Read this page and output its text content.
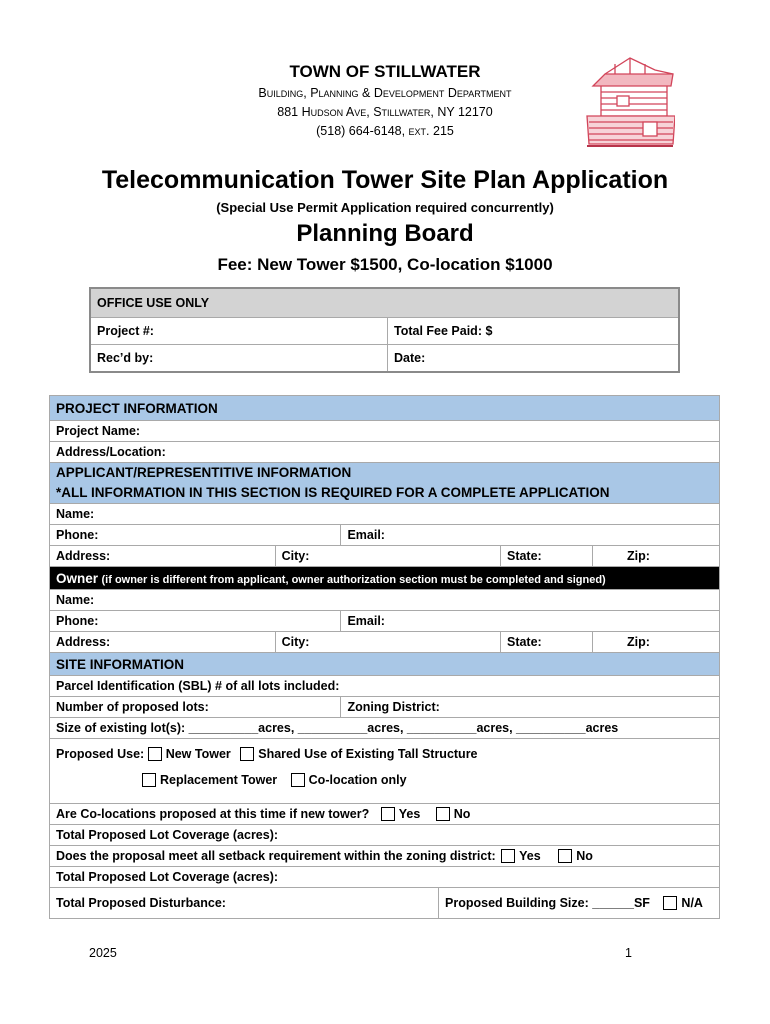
TOWN OF STILLWATER
Building, Planning & Development Department
881 Hudson Ave, Stillwater, NY 12170
(518) 664-6148, ext. 215
Telecommunication Tower Site Plan Application
(Special Use Permit Application required concurrently)
Planning Board
Fee: New Tower $1500, Co-location $1000
OFFICE USE ONLY	
Project #:	Total Fee Paid: $
Rec’d by:	Date:
PROJECT INFORMATION					
Project Name:					
Address/Location:					

APPLICANT/REPRESENTITIVE INFORMATION
*ALL INFORMATION IN THIS SECTION IS REQUIRED FOR A COMPLETE APPLICATION					

Name:					
Phone:		Email:			
Address:	City:			State:	Zip:
Owner (if owner is different from applicant, owner authorization section must be completed and signed)					
Name:					
Phone:		Email:			
Address:	City:			State:	Zip:
SITE INFORMATION					
Parcel Identification (SBL) # of all lots included:					
Number of proposed lots:		Zoning District:			
Size of existing lot(s): __________acres, __________acres, __________acres, __________acres					

Proposed Use: New Tower Shared Use of Existing Tall Structure
Replacement Tower Co-location only					

Are Co-locations proposed at this time if new tower? Yes No					
Total Proposed Lot Coverage (acres):					
Does the proposal meet all setback requirement within the zoning district: Yes No					
Total Proposed Lot Coverage (acres):					
Total Proposed Disturbance:			Proposed Building Size: ______SF N/A		
2025	1
